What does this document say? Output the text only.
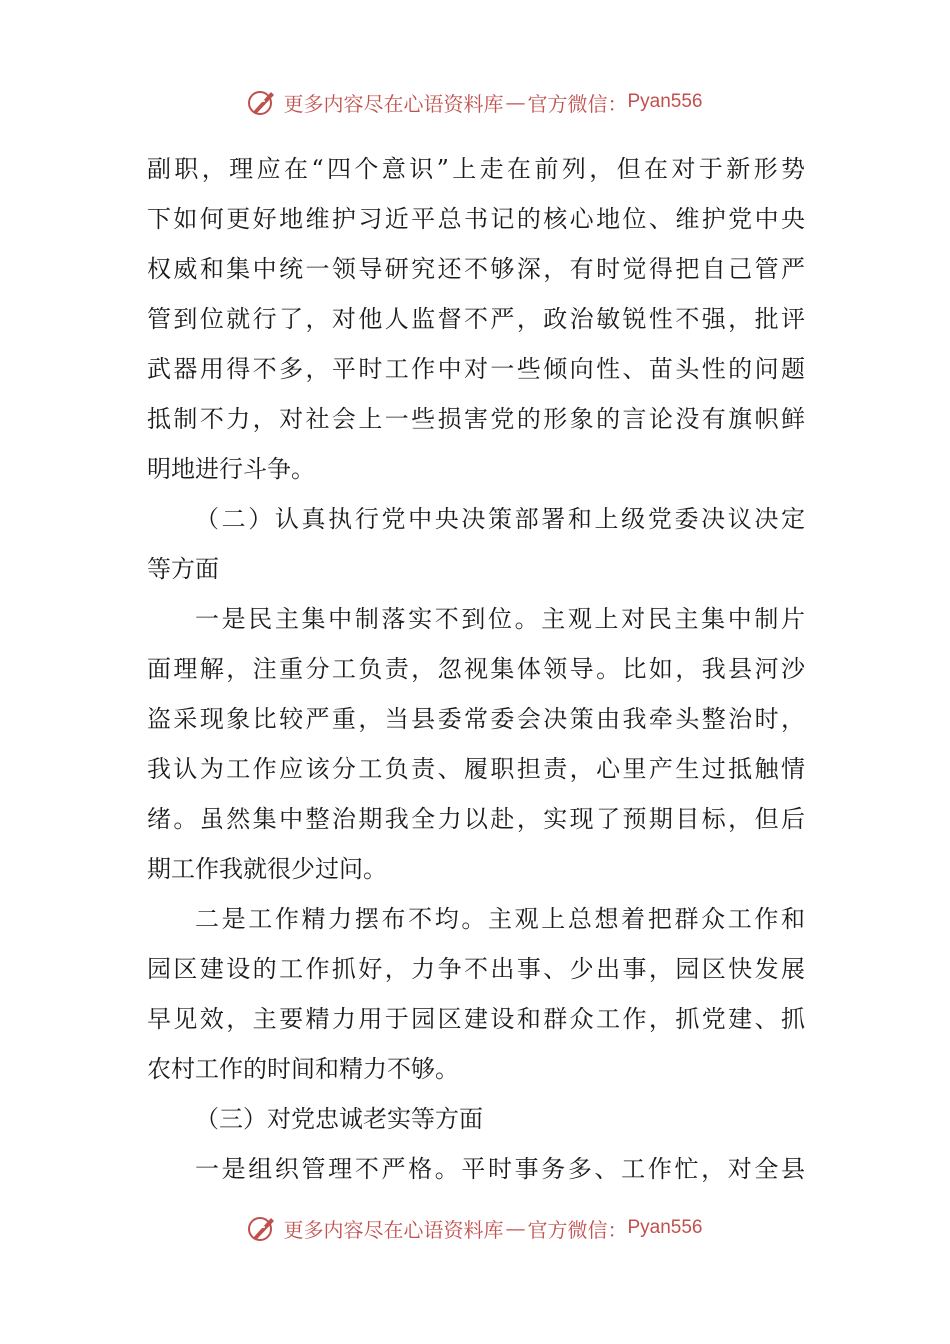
更多内容尽在心语资料库 — 官方微信： Pyan556
副职，理应在“四个意识”上走在前列，但在对于新形势
下如何更好地维护习近平总书记的核心地位、维护党中央
权威和集中统一领导研究还不够深，有时觉得把自己管严
管到位就行了，对他人监督不严，政治敏锐性不强，批评
武器用得不多，平时工作中对一些倾向性、苗头性的问题
抵制不力，对社会上一些损害党的形象的言论没有旗帜鲜
明地进行斗争。
（二）认真执行党中央决策部署和上级党委决议决定
等方面
一是民主集中制落实不到位。主观上对民主集中制片
面理解，注重分工负责，忽视集体领导。比如，我县河沙
盗采现象比较严重，当县委常委会决策由我牵头整治时，
我认为工作应该分工负责、履职担责，心里产生过抵触情
绪。虽然集中整治期我全力以赴，实现了预期目标，但后
期工作我就很少过问。
二是工作精力摆布不均。主观上总想着把群众工作和
园区建设的工作抓好，力争不出事、少出事，园区快发展
早见效，主要精力用于园区建设和群众工作，抓党建、抓
农村工作的时间和精力不够。
（三）对党忠诚老实等方面
一是组织管理不严格。平时事务多、工作忙，对全县
更多内容尽在心语资料库 — 官方微信： Pyan556
